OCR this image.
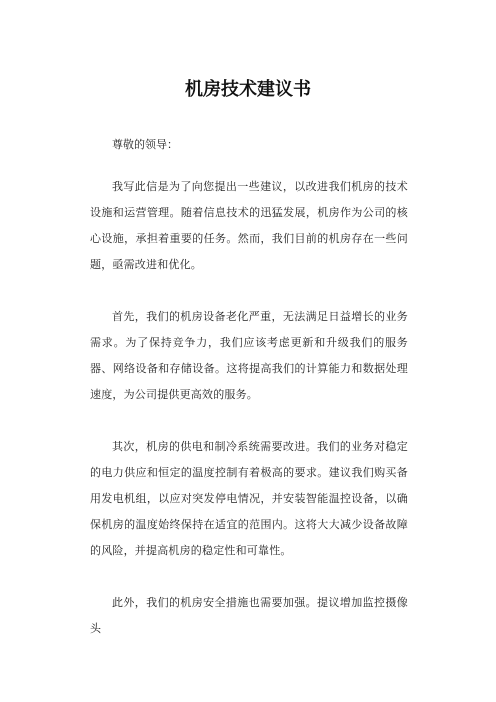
机房技术建议书

尊敬的领导：

我写此信是为了向您提出一些建议，以改进我们机房的技术设施和运营管理。随着信息技术的迅猛发展，机房作为公司的核心设施，承担着重要的任务。然而，我们目前的机房存在一些问题，亟需改进和优化。

首先，我们的机房设备老化严重，无法满足日益增长的业务需求。为了保持竞争力，我们应该考虑更新和升级我们的服务器、网络设备和存储设备。这将提高我们的计算能力和数据处理速度，为公司提供更高效的服务。

其次，机房的供电和制冷系统需要改进。我们的业务对稳定的电力供应和恒定的温度控制有着极高的要求。建议我们购买备用发电机组，以应对突发停电情况，并安装智能温控设备，以确保机房的温度始终保持在适宜的范围内。这将大大减少设备故障的风险，并提高机房的稳定性和可靠性。

此外，我们的机房安全措施也需要加强。提议增加监控摄像头
